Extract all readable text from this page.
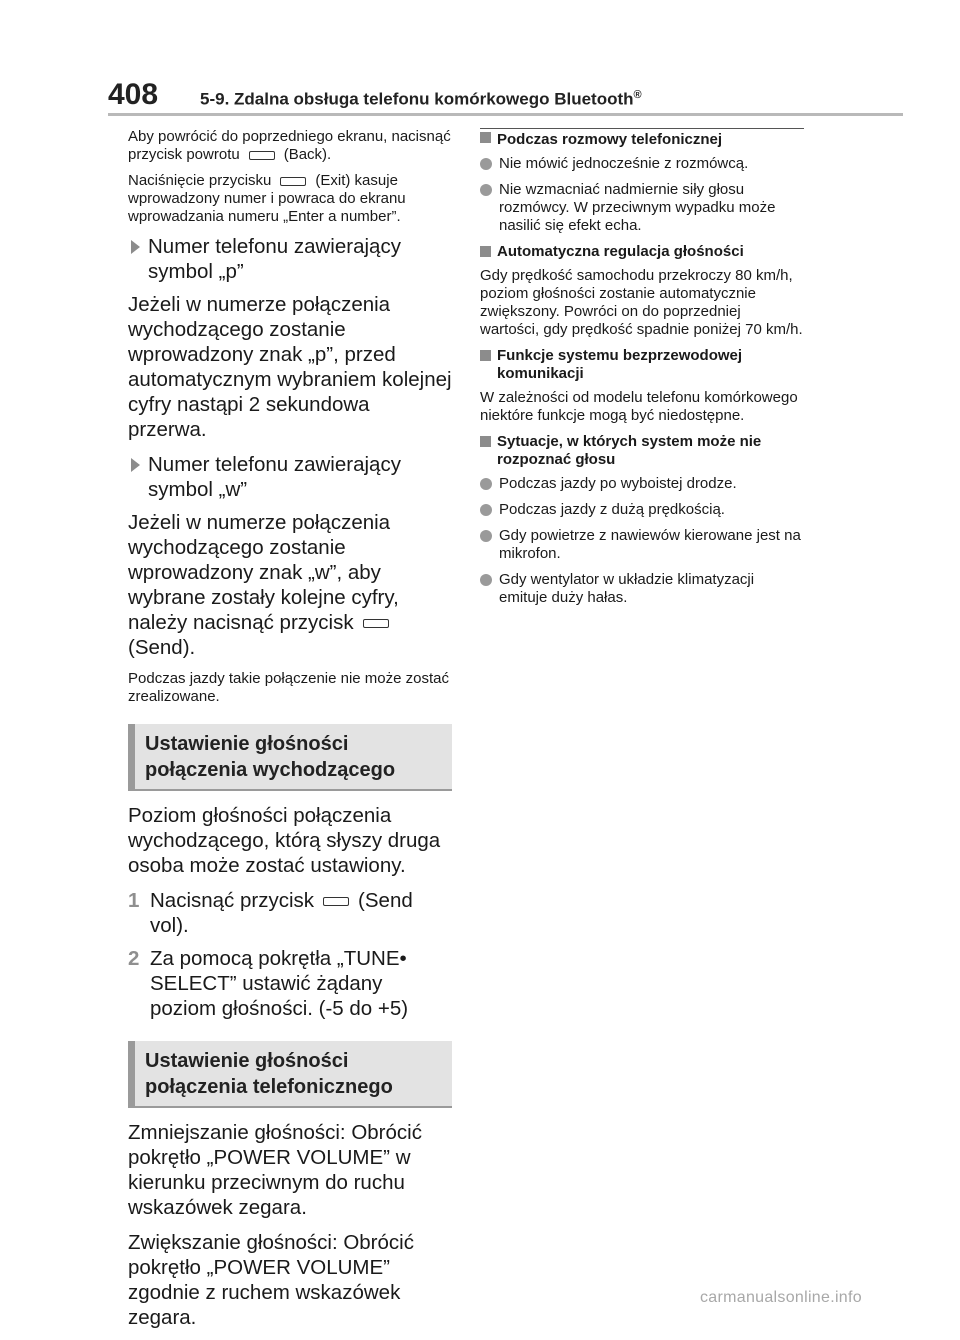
408 5-9. Zdalna obsługa telefonu komórkowego Bluetooth®

Aby powrócić do poprzedniego ekranu, nacisnąć przycisk powrotu	(Back).

Naciśnięcie przycisku	(Exit) kasuje wprowadzony numer i powraca do ekranu wprowadzania numeru „Enter a number”.

Numer telefonu zawierający symbol „p”

Jeżeli w numerze połączenia wychodzącego zostanie wprowadzony znak „p”, przed automatycznym wybraniem kolejnej cyfry nastąpi 2 sekundowa przerwa.

Numer telefonu zawierający symbol „w”

Jeżeli w numerze połączenia wychodzącego zostanie wprowadzony znak „w”, aby wybrane zostały kolejne cyfry, należy nacisnąć przycisk(Send).

Podczas jazdy takie połączenie nie może zostać zrealizowane.

Ustawienie głośności połączenia wychodzącego

Poziom głośności połączenia wychodzącego, którą słyszy druga osoba może zostać ustawiony.

1 Nacisnąć przycisk (Send vol).
2 Za pomocą pokrętła „TUNE• SELECT” ustawić żądany poziom głośności. (-5 do +5)
Ustawienie głośności połączenia telefonicznego

Zmniejszanie głośności: Obrócić pokrętło „POWER VOLUME” w kierunku przeciwnym do ruchu wskazówek zegara.

Zwiększanie głośności: Obrócić pokrętło „POWER VOLUME” zgodnie z ruchem wskazówek zegara.

Podczas rozmowy telefonicznej
Nie mówić jednocześnie z rozmówcą.
Nie wzmacniać nadmiernie siły głosu rozmówcy. W przeciwnym wypadku może nasilić się efekt echa.
Automatyczna regulacja głośności

Gdy prędkość samochodu przekroczy 80 km/h, poziom głośności zostanie automatycznie zwiększony. Powróci on do poprzedniej wartości, gdy prędkość spadnie poniżej 70 km/h.

Funkcje systemu bezprzewodowej komunikacji

W zależności od modelu telefonu komórkowego niektóre funkcje mogą być niedostępne.

Sytuacje, w których system może nie rozpoznać głosu
Podczas jazdy po wyboistej drodze.
Podczas jazdy z dużą prędkością.
Gdy powietrze z nawiewów kierowane jest na mikrofon.
Gdy wentylator w układzie klimatyzacji emituje duży hałas.
carmanualsonline.info
